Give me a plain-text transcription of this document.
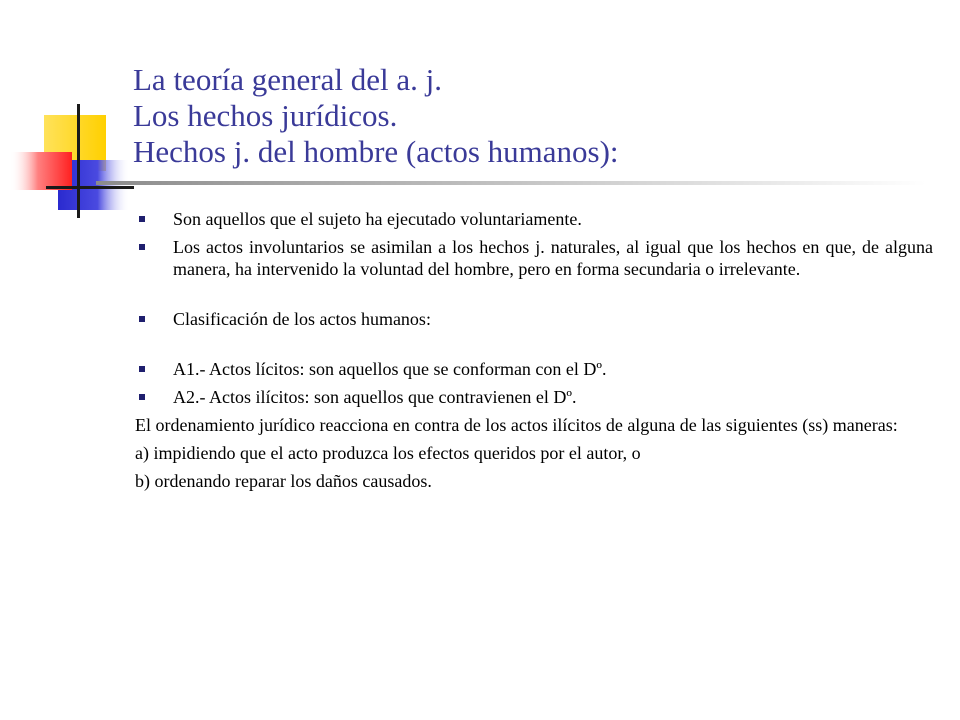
La teoría general del a. j.
Los hechos jurídicos.
Hechos j. del hombre (actos humanos):
Son aquellos que el sujeto ha ejecutado voluntariamente.
Los actos involuntarios se asimilan a los hechos j. naturales, al igual que los hechos en que, de alguna manera, ha intervenido la voluntad del hombre, pero en forma secundaria o irrelevante.
Clasificación de los actos humanos:
A1.- Actos lícitos: son aquellos que se conforman con el Dº.
A2.- Actos ilícitos: son aquellos que contravienen el Dº.
El ordenamiento jurídico reacciona en contra de los actos ilícitos de alguna de las siguientes (ss) maneras:
a) impidiendo que el acto produzca los efectos queridos por el autor, o
b) ordenando reparar los daños causados.
